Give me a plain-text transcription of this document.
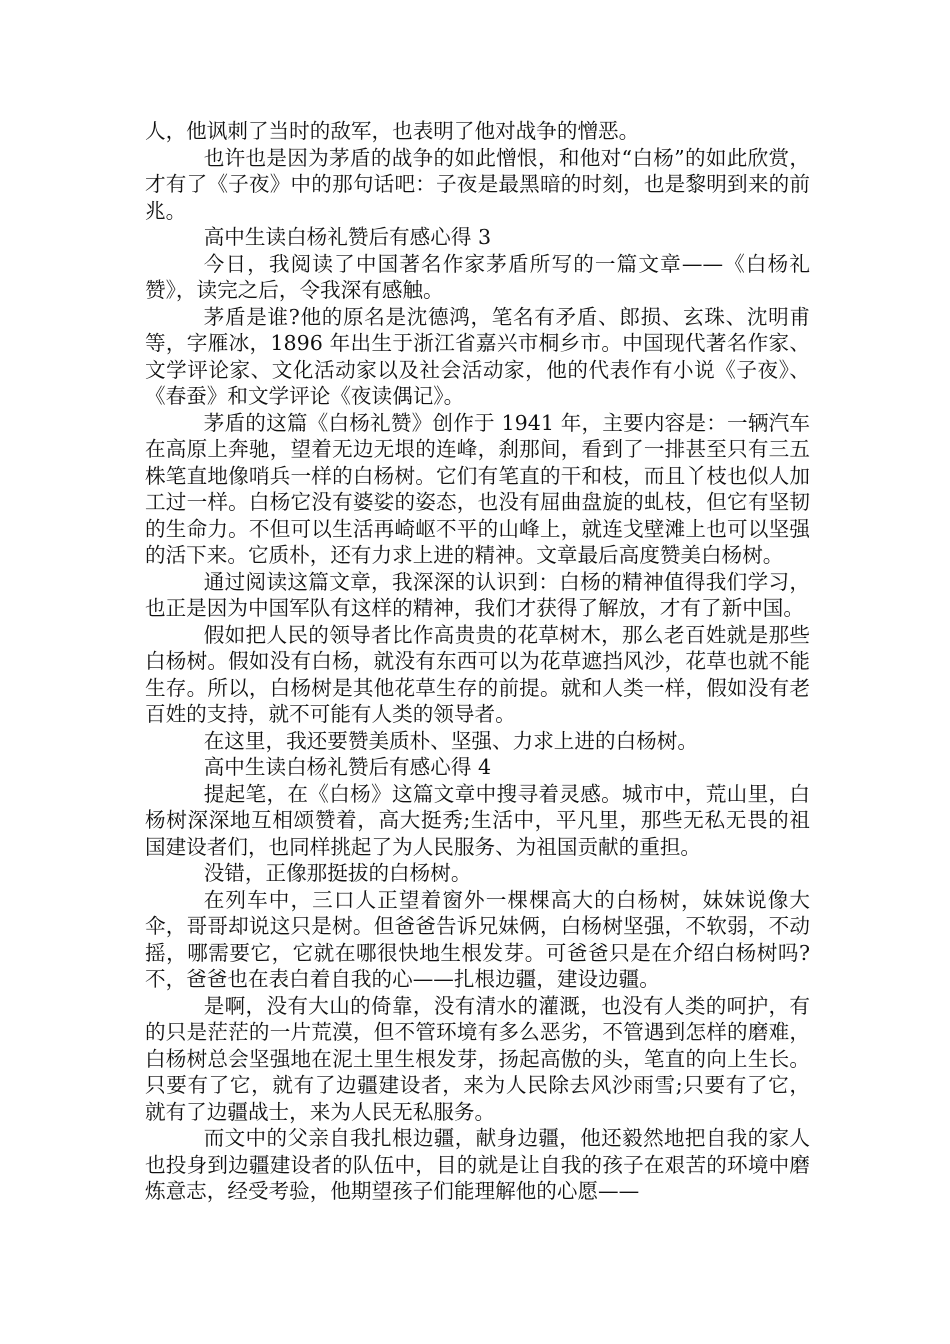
人，他讽刺了当时的敌军，也表明了他对战争的憎恶。

也许也是因为茅盾的战争的如此憎恨，和他对“白杨”的如此欣赏，才有了《子夜》中的那句话吧：子夜是最黑暗的时刻，也是黎明到来的前兆。

高中生读白杨礼赞后有感心得 3

今日，我阅读了中国著名作家茅盾所写的一篇文章——《白杨礼赞》，读完之后，令我深有感触。

茅盾是谁?他的原名是沈德鸿，笔名有矛盾、郎损、玄珠、沈明甫等，字雁冰，1896 年出生于浙江省嘉兴市桐乡市。中国现代著名作家、文学评论家、文化活动家以及社会活动家，他的代表作有小说《子夜》、《春蚕》和文学评论《夜读偶记》。

茅盾的这篇《白杨礼赞》创作于 1941 年，主要内容是：一辆汽车在高原上奔驰，望着无边无垠的连峰，刹那间，看到了一排甚至只有三五株笔直地像哨兵一样的白杨树。它们有笔直的干和枝，而且丫枝也似人加工过一样。白杨它没有婆娑的姿态，也没有屈曲盘旋的虬枝，但它有坚韧的生命力。不但可以生活再崎岖不平的山峰上，就连戈壁滩上也可以坚强的活下来。它质朴，还有力求上进的精神。文章最后高度赞美白杨树。

通过阅读这篇文章，我深深的认识到：白杨的精神值得我们学习，也正是因为中国军队有这样的精神，我们才获得了解放，才有了新中国。

假如把人民的领导者比作高贵贵的花草树木，那么老百姓就是那些白杨树。假如没有白杨，就没有东西可以为花草遮挡风沙，花草也就不能生存。所以，白杨树是其他花草生存的前提。就和人类一样，假如没有老百姓的支持，就不可能有人类的领导者。

在这里，我还要赞美质朴、坚强、力求上进的白杨树。

高中生读白杨礼赞后有感心得 4

提起笔，在《白杨》这篇文章中搜寻着灵感。城市中，荒山里，白杨树深深地互相颂赞着，高大挺秀;生活中，平凡里，那些无私无畏的祖国建设者们，也同样挑起了为人民服务、为祖国贡献的重担。

没错，正像那挺拔的白杨树。

在列车中，三口人正望着窗外一棵棵高大的白杨树，妹妹说像大伞，哥哥却说这只是树。但爸爸告诉兄妹俩，白杨树坚强，不软弱，不动摇，哪需要它，它就在哪很快地生根发芽。可爸爸只是在介绍白杨树吗?不，爸爸也在表白着自我的心——扎根边疆，建设边疆。

是啊，没有大山的倚靠，没有清水的灌溉，也没有人类的呵护，有的只是茫茫的一片荒漠，但不管环境有多么恶劣，不管遇到怎样的磨难，白杨树总会坚强地在泥土里生根发芽，扬起高傲的头，笔直的向上生长。只要有了它，就有了边疆建设者，来为人民除去风沙雨雪;只要有了它，就有了边疆战士，来为人民无私服务。

而文中的父亲自我扎根边疆，献身边疆，他还毅然地把自我的家人也投身到边疆建设者的队伍中，目的就是让自我的孩子在艰苦的环境中磨炼意志，经受考验，他期望孩子们能理解他的心愿——
